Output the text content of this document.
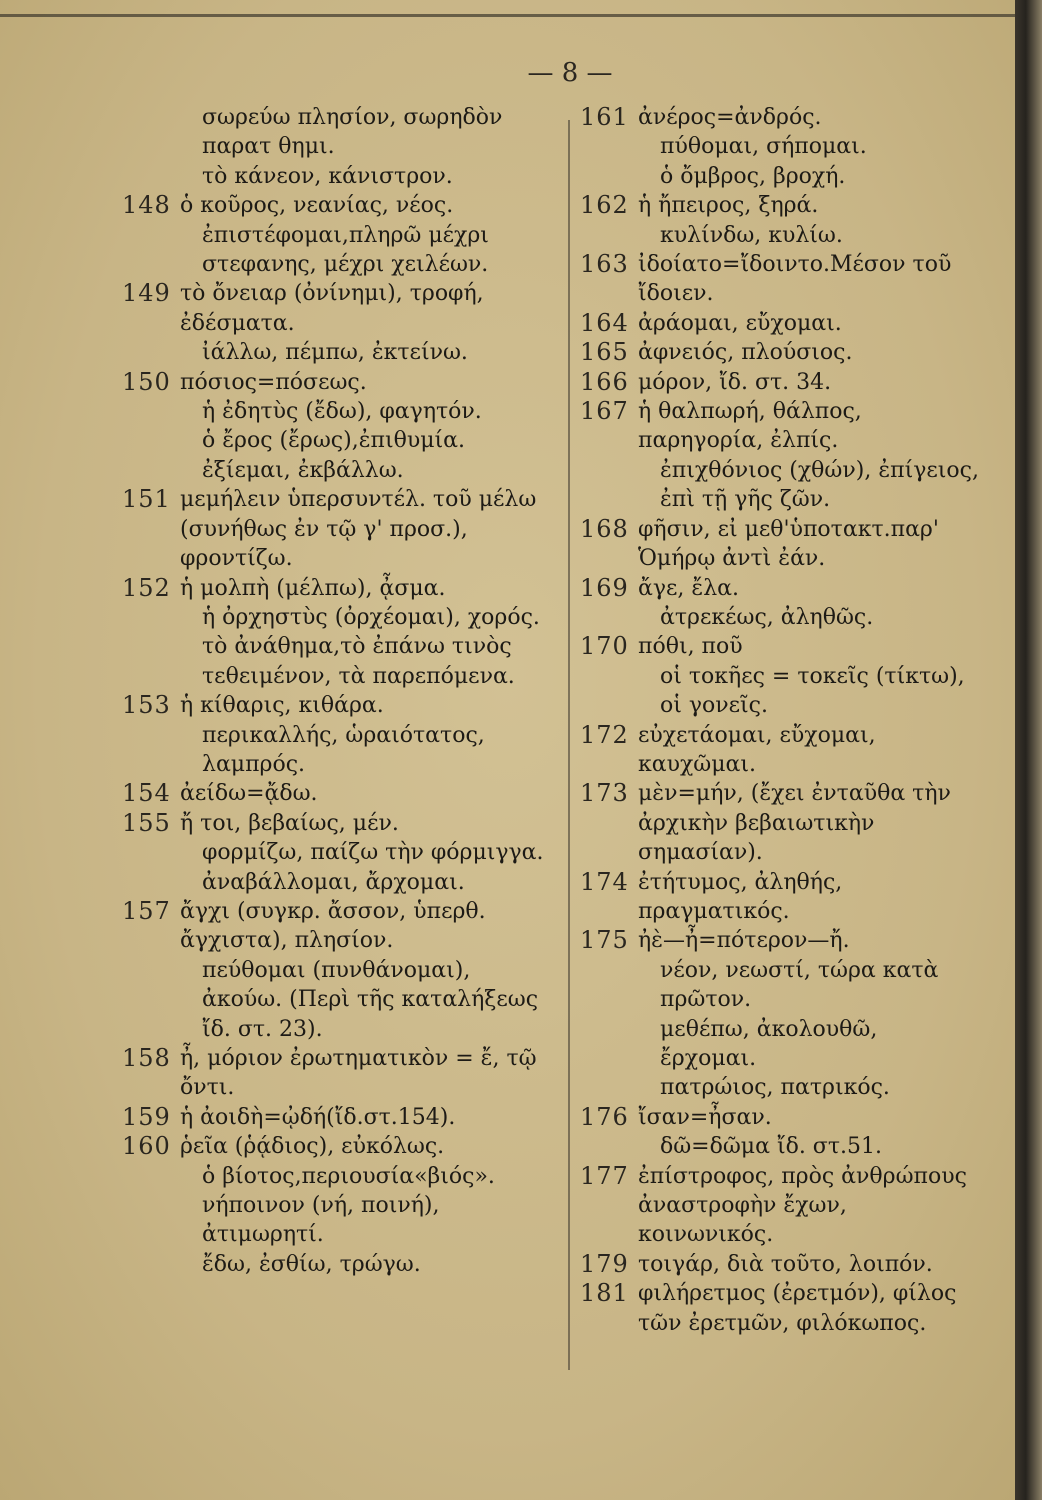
— 8 —
σωρεύω πλησίον, σωρηδὸν παρατ θημι.
τὸ κάνεον, κάνιστρον.
148 ὁ κοῦρος, νεανίας, νέος.
ἐπιστέφομαι,πληρῶ μέχρι στεφανης, μέχρι χειλέων.
149 τὸ ὄνειαρ (ὀνίνημι), τροφή, ἐδέσματα.
ἰάλλω, πέμπω, ἐκτείνω.
150 πόσιος=πόσεως.
ἡ ἐδητὺς (ἔδω), φαγητόν.
ὁ ἔρος (ἔρως),ἐπιθυμία.
ἐξίεμαι, ἐκβάλλω.
151 μεμήλειν ὑπερσυντέλ. τοῦ μέλω (συνήθως ἐν τῷ γ' προσ.), φροντίζω.
152 ἡ μολπὴ (μέλπω), ᾆσμα.
ἡ ὀρχηστὺς (ὀρχέομαι), χορός.
τὸ ἀνάθημα,τὸ ἐπάνω τινὸς τεθειμένον, τὰ παρεπόμενα.
153 ἡ κίθαρις, κιθάρα.
περικαλλής, ὡραιότατος, λαμπρός.
154 ἀείδω=ᾄδω.
155 ἤ τοι, βεβαίως, μέν.
φορμίζω, παίζω τὴν φόρμιγγα.
ἀναβάλλομαι, ἄρχομαι.
157 ἄγχι (συγκρ. ἄσσον, ὑπερθ. ἄγχιστα), πλησίον.
πεύθομαι (πυνθάνομαι), ἀκούω. (Περὶ τῆς καταλήξεως ἴδ. στ. 23).
158 ἦ, μόριον ἐρωτηματικὸν = ἔ, τῷ ὄντι.
159 ἡ ἀοιδὴ=ᾠδή(ἴδ.στ.154).
160 ῥεῖα (ῥᾴδιος), εὐκόλως.
ὁ βίοτος,περιουσία«βιός».
νήποινον (νή, ποινή), ἀτιμωρητί.
ἔδω, ἐσθίω, τρώγω.
161 ἀνέρος=ἀνδρός.
πύθομαι, σήπομαι.
ὁ ὄμβρος, βροχή.
162 ἡ ἤπειρος, ξηρά.
κυλίνδω, κυλίω.
163 ἰδοίατο=ἴδοιντο.Μέσον τοῦ ἴδοιεν.
164 ἀράομαι, εὔχομαι.
165 ἀφνειός, πλούσιος.
166 μόρον, ἴδ. στ. 34.
167 ἡ θαλπωρή, θάλπος, παρηγορία, ἐλπίς.
ἐπιχθόνιος (χθών), ἐπίγειος, ἐπὶ τῇ γῆς ζῶν.
168 φῆσιν, εἰ μεθ'ὑποτακτ.παρ' Ὁμήρῳ ἀντὶ ἐάν.
169 ἄγε, ἔλα.
ἀτρεκέως, ἀληθῶς.
170 πόθι, ποῦ
οἱ τοκῆες = τοκεῖς (τίκτω), οἱ γονεῖς.
172 εὐχετάομαι, εὔχομαι, καυχῶμαι.
173 μὲν=μήν, (ἔχει ἐνταῦθα τὴν ἀρχικὴν βεβαιωτικὴν σημασίαν).
174 ἐτήτυμος, ἀληθής, πραγματικός.
175 ἠὲ—ἦ=πότερον—ἤ.
νέον, νεωστί, τώρα κατὰ πρῶτον.
μεθέπω, ἀκολουθῶ, ἔρχομαι.
πατρώιος, πατρικός.
176 ἴσαν=ἦσαν.
δῶ=δῶμα ἴδ. στ.51.
177 ἐπίστροφος, πρὸς ἀνθρώπους ἀναστροφὴν ἔχων, κοινωνικός.
179 τοιγάρ, διὰ τοῦτο, λοιπόν.
181 φιλήρετμος (ἐρετμόν), φίλος τῶν ἐρετμῶν, φιλόκωπος.
